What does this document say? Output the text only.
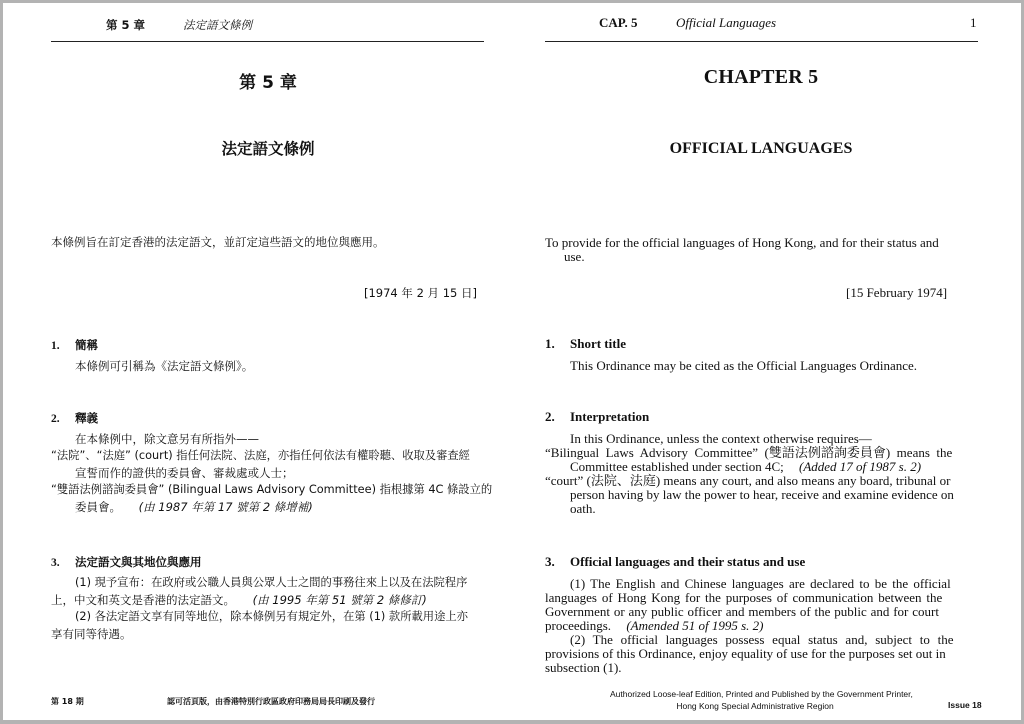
第 5 章	法定語文條例
第 5 章
法定語文條例
本條例旨在訂定香港的法定語文，並訂定這些語文的地位與應用。
[1974 年 2 月 15 日]
1. 簡稱
本條例可引稱為《法定語文條例》。
2. 釋義
在本條例中，除文意另有所指外——
“法院”、“法庭” (court) 指任何法院、法庭，亦指任何依法有權聆聽、收取及審查經
宣誓而作的證供的委員會、審裁處或人士；
“雙語法例諮詢委員會” (Bilingual Laws Advisory Committee) 指根據第 4C 條設立的
委員會。 (由 1987 年第 17 號第 2 條增補)
3. 法定語文與其地位與應用
(1) 現予宣布：在政府或公職人員與公眾人士之間的事務往來上以及在法院程序
上，中文和英文是香港的法定語文。 (由 1995 年第 51 號第 2 條修訂)
(2) 各法定語文享有同等地位，除本條例另有規定外，在第 (1) 款所載用途上亦
享有同等待遇。
第 18 期	認可活頁版，由香港特別行政區政府印務局局長印刷及發行
CAP. 5	Official Languages	1
CHAPTER 5
OFFICIAL LANGUAGES
To provide for the official languages of Hong Kong, and for their status and
use.
[15 February 1974]
1. Short title
This Ordinance may be cited as the Official Languages Ordinance.
2. Interpretation
In this Ordinance, unless the context otherwise requires—
“Bilingual  Laws  Advisory  Committee”  (雙語法例諮詢委員會)  means  the
Committee established under section 4C; (Added 17 of 1987 s. 2)
“court” (法院、法庭) means any court, and also means any board, tribunal or
person having by law the power to hear, receive and examine evidence on
oath.
3. Official languages and their status and use
(1) The English and Chinese languages are declared to be the official
languages of Hong Kong for the purposes of communication between the
Government or any public officer and members of the public and for court
proceedings. (Amended 51 of 1995 s. 2)
(2) The official languages possess equal status and, subject to the
provisions of this Ordinance, enjoy equality of use for the purposes set out in
subsection (1).
Authorized Loose-leaf Edition, Printed and Published by the Government Printer,
Hong Kong Special Administrative Region	Issue 18
